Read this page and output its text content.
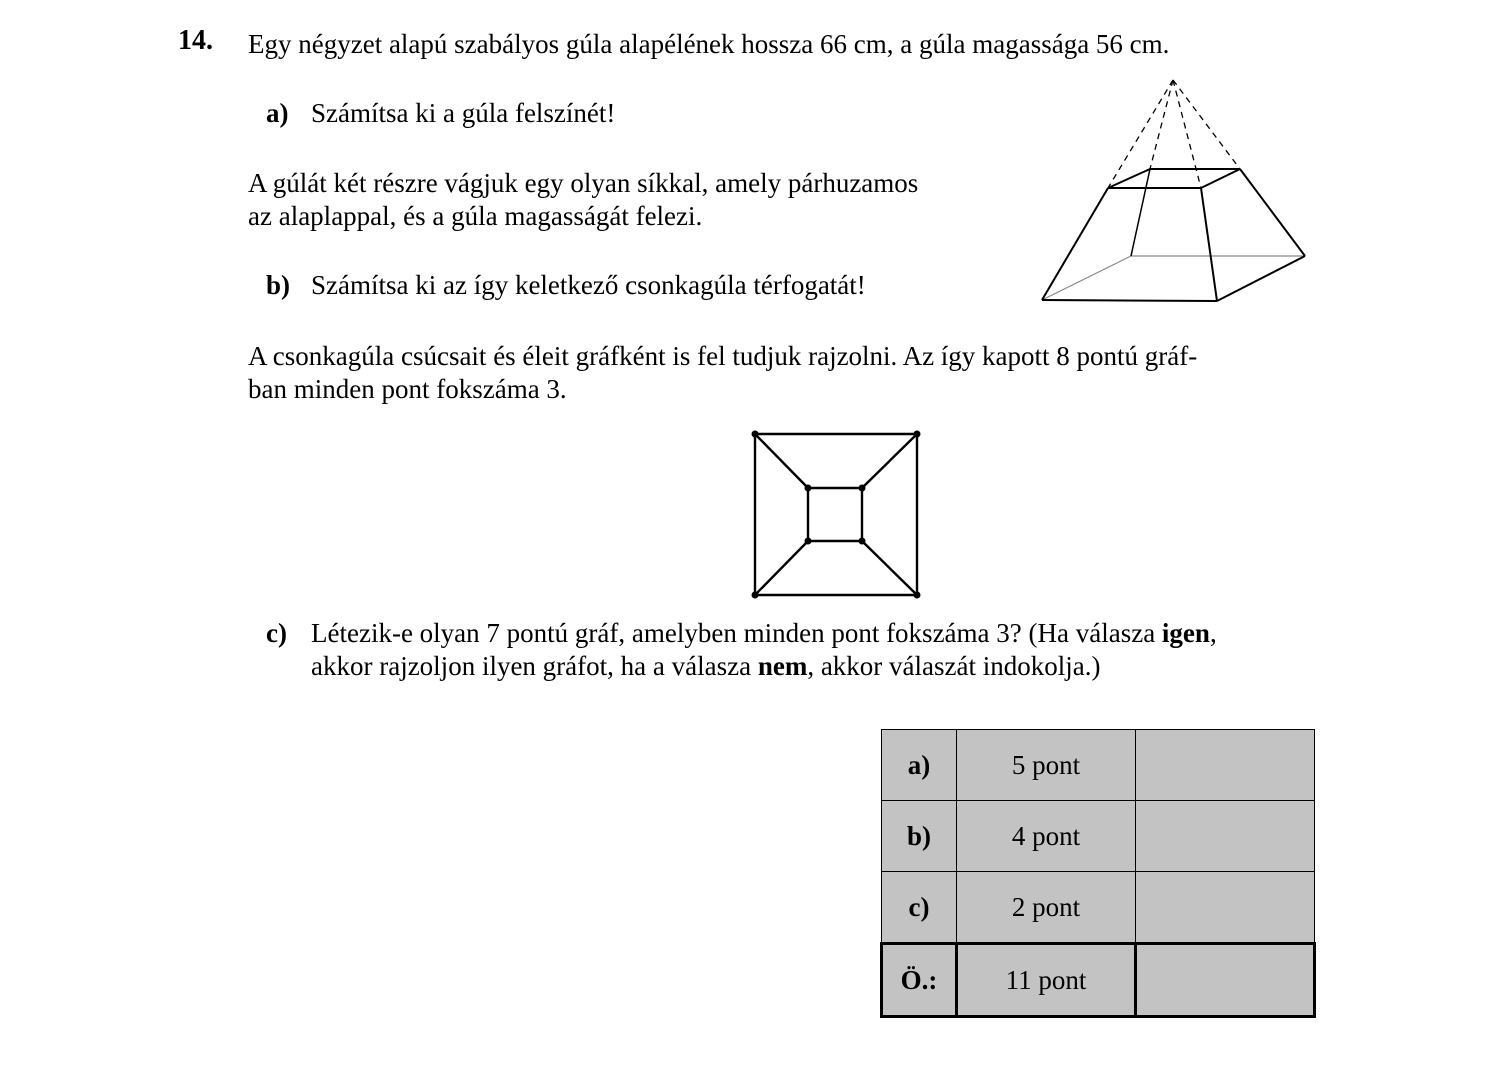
14. Egy négyzet alapú szabályos gúla alapélének hossza 66 cm, a gúla magassága 56 cm.
a) Számítsa ki a gúla felszínét!
A gúlát két részre vágjuk egy olyan síkkal, amely párhuzamos
az alaplappal, és a gúla magasságát felezi.
b) Számítsa ki az így keletkező csonkagúla térfogatát!
A csonkagúla csúcsait és éleit gráfként is fel tudjuk rajzolni. Az így kapott 8 pontú gráf-
ban minden pont fokszáma 3.
c) Létezik-e olyan 7 pontú gráf, amelyben minden pont fokszáma 3? (Ha válasza igen,
akkor rajzoljon ilyen gráfot, ha a válasza nem, akkor válaszát indokolja.)
a)	5 pont	
b)	4 pont	
c)	2 pont	
Ö.:	11 pont	
